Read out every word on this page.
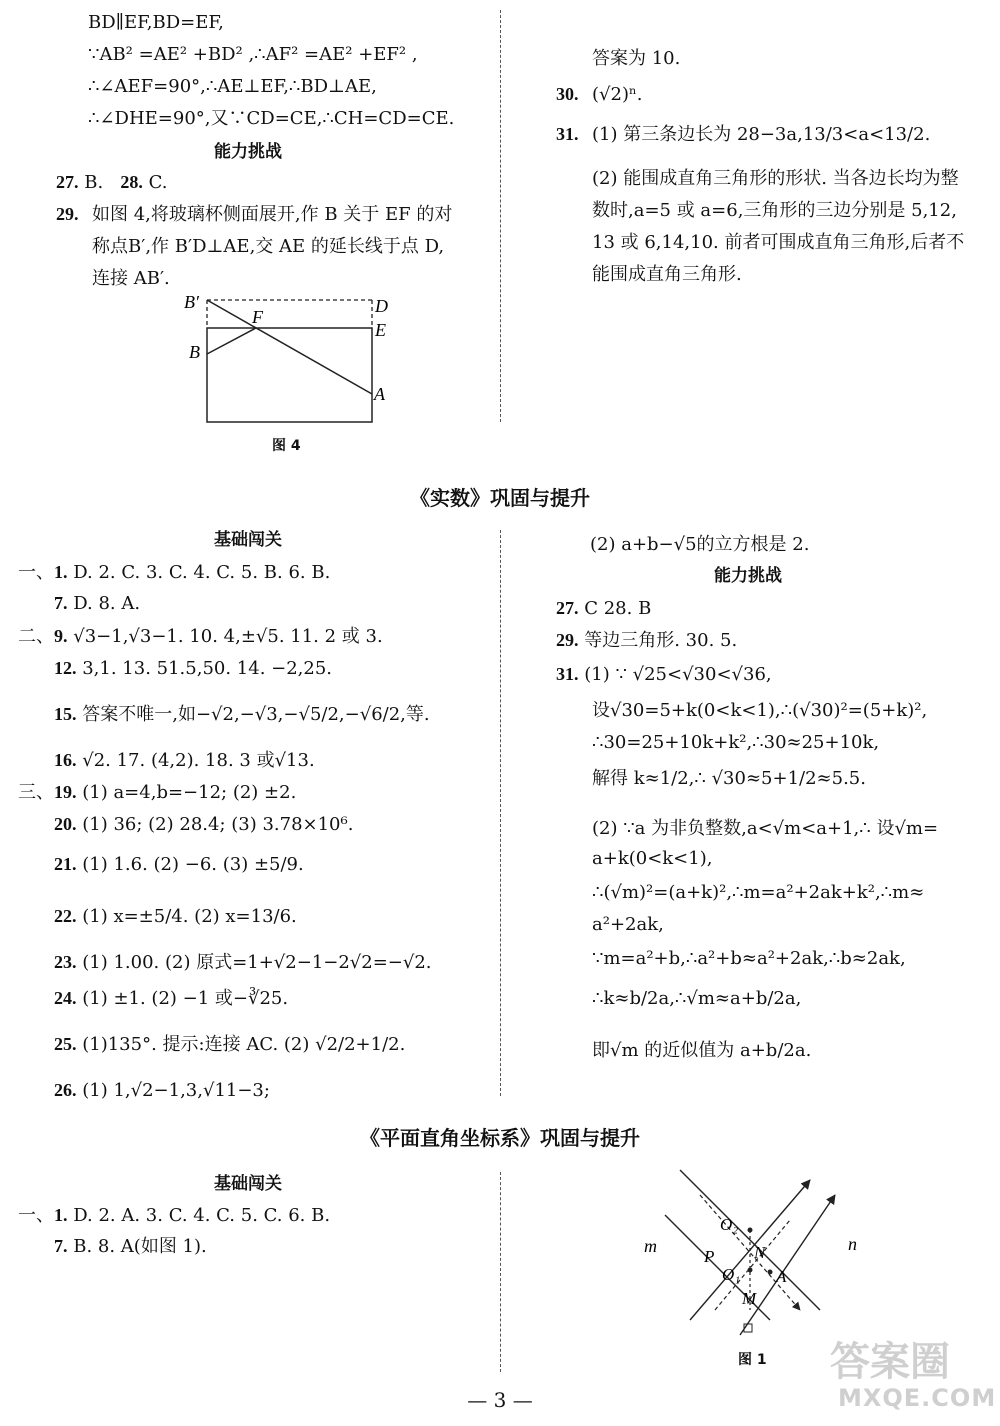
BD∥EF,BD=EF,
∵AB² =AE² +BD² ,∴AF² =AE² +EF² ,
∴∠AEF=90°,∴AE⊥EF,∴BD⊥AE,
∴∠DHE=90°,又∵CD=CE,∴CH=CD=CE.
能力挑战
27. B. 28. C.
29. 如图 4,将玻璃杯侧面展开,作 B 关于 EF 的对
称点B′,作 B′D⊥AE,交 AE 的延长线于点 D,
连接 AB′.
B′	D
F
E
B
A
图 4
答案为 10.
30. (√2)ⁿ.
31. (1) 第三条边长为 28−3a,13/3<a<13/2.
(2) 能围成直角三角形的形状. 当各边长均为整
数时,a=5 或 a=6,三角形的三边分别是 5,12,
13 或 6,14,10. 前者可围成直角三角形,后者不
能围成直角三角形.
《实数》巩固与提升
基础闯关
一、1. D. 2. C. 3. C. 4. C. 5. B. 6. B.
7. D. 8. A.
二、9. √3−1,√3−1. 10. 4,±√5. 11. 2 或 3.
12. 3,1. 13. 51.5,50. 14. −2,25.
15. 答案不唯一,如−√2,−√3,−√5/2,−√6/2,等.
16. √2. 17. (4,2). 18. 3 或√13.
三、19. (1) a=4,b=−12; (2) ±2.
20. (1) 36; (2) 28.4; (3) 3.78×10⁶.
21. (1) 1.6. (2) −6. (3) ±5/9.
22. (1) x=±5/4. (2) x=13/6.
23. (1) 1.00. (2) 原式=1+√2−1−2√2=−√2.
24. (1) ±1. (2) −1 或−∛25.
25. (1)135°. 提示:连接 AC. (2) √2/2+1/2.
26. (1) 1,√2−1,3,√11−3;
(2) a+b−√5的立方根是 2.
能力挑战
27. C 28. B
29. 等边三角形. 30. 5.
31. (1) ∵ √25<√30<√36,
设√30=5+k(0<k<1),∴(√30)²=(5+k)²,
∴30=25+10k+k²,∴30≈25+10k,
解得 k≈1/2,∴ √30≈5+1/2≈5.5.
(2) ∵a 为非负整数,a<√m<a+1,∴ 设√m=
a+k(0<k<1),
∴(√m)²=(a+k)²,∴m=a²+2ak+k²,∴m≈
a²+2ak,
∵m=a²+b,∴a²+b≈a²+2ak,∴b≈2ak,
∴k≈b/2a,∴√m≈a+b/2a,
即√m 的近似值为 a+b/2a.
《平面直角坐标系》巩固与提升
基础闯关
一、1. D. 2. A. 3. C. 4. C. 5. C. 6. B.
7. B. 8. A(如图 1).	m	n
O₂
N
P
O₁ A
M
图 1
— 3 —
答案圈
MXQE.COM
